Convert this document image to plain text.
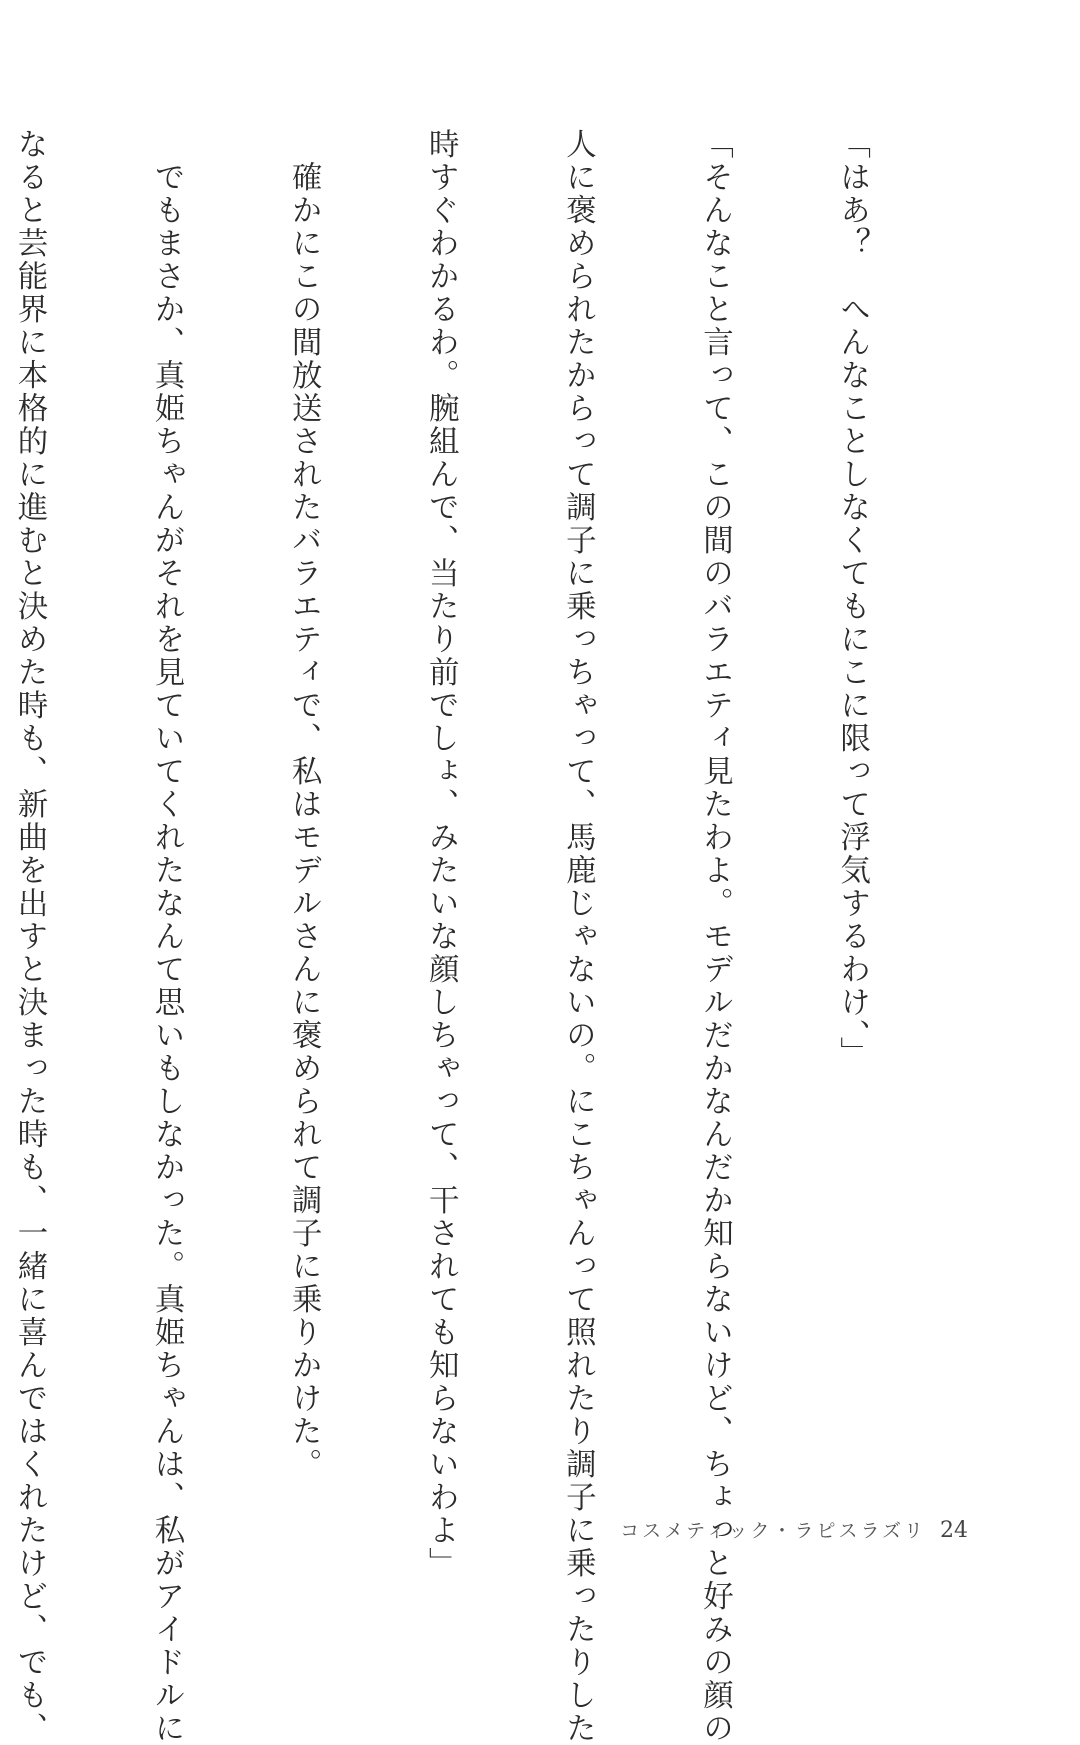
「はあ？　へんなことしなくてもにこに限って浮気するわけ、」

「そんなこと言って、この間のバラエティ見たわよ。モデルだかなんだか知らないけど、ちょっと好みの顔の

人に褒められたからって調子に乗っちゃって、馬鹿じゃないの。にこちゃんって照れたり調子に乗ったりした

時すぐわかるわ。腕組んで、当たり前でしょ、みたいな顔しちゃって、干されても知らないわよ」

　確かにこの間放送されたバラエティで、私はモデルさんに褒められて調子に乗りかけた。

　でもまさか、真姫ちゃんがそれを見ていてくれたなんて思いもしなかった。真姫ちゃんは、私がアイドルに

なると芸能界に本格的に進むと決めた時も、新曲を出すと決まった時も、一緒に喜んではくれたけど、でも、

	コスメティック・ラピスラズリ 24
